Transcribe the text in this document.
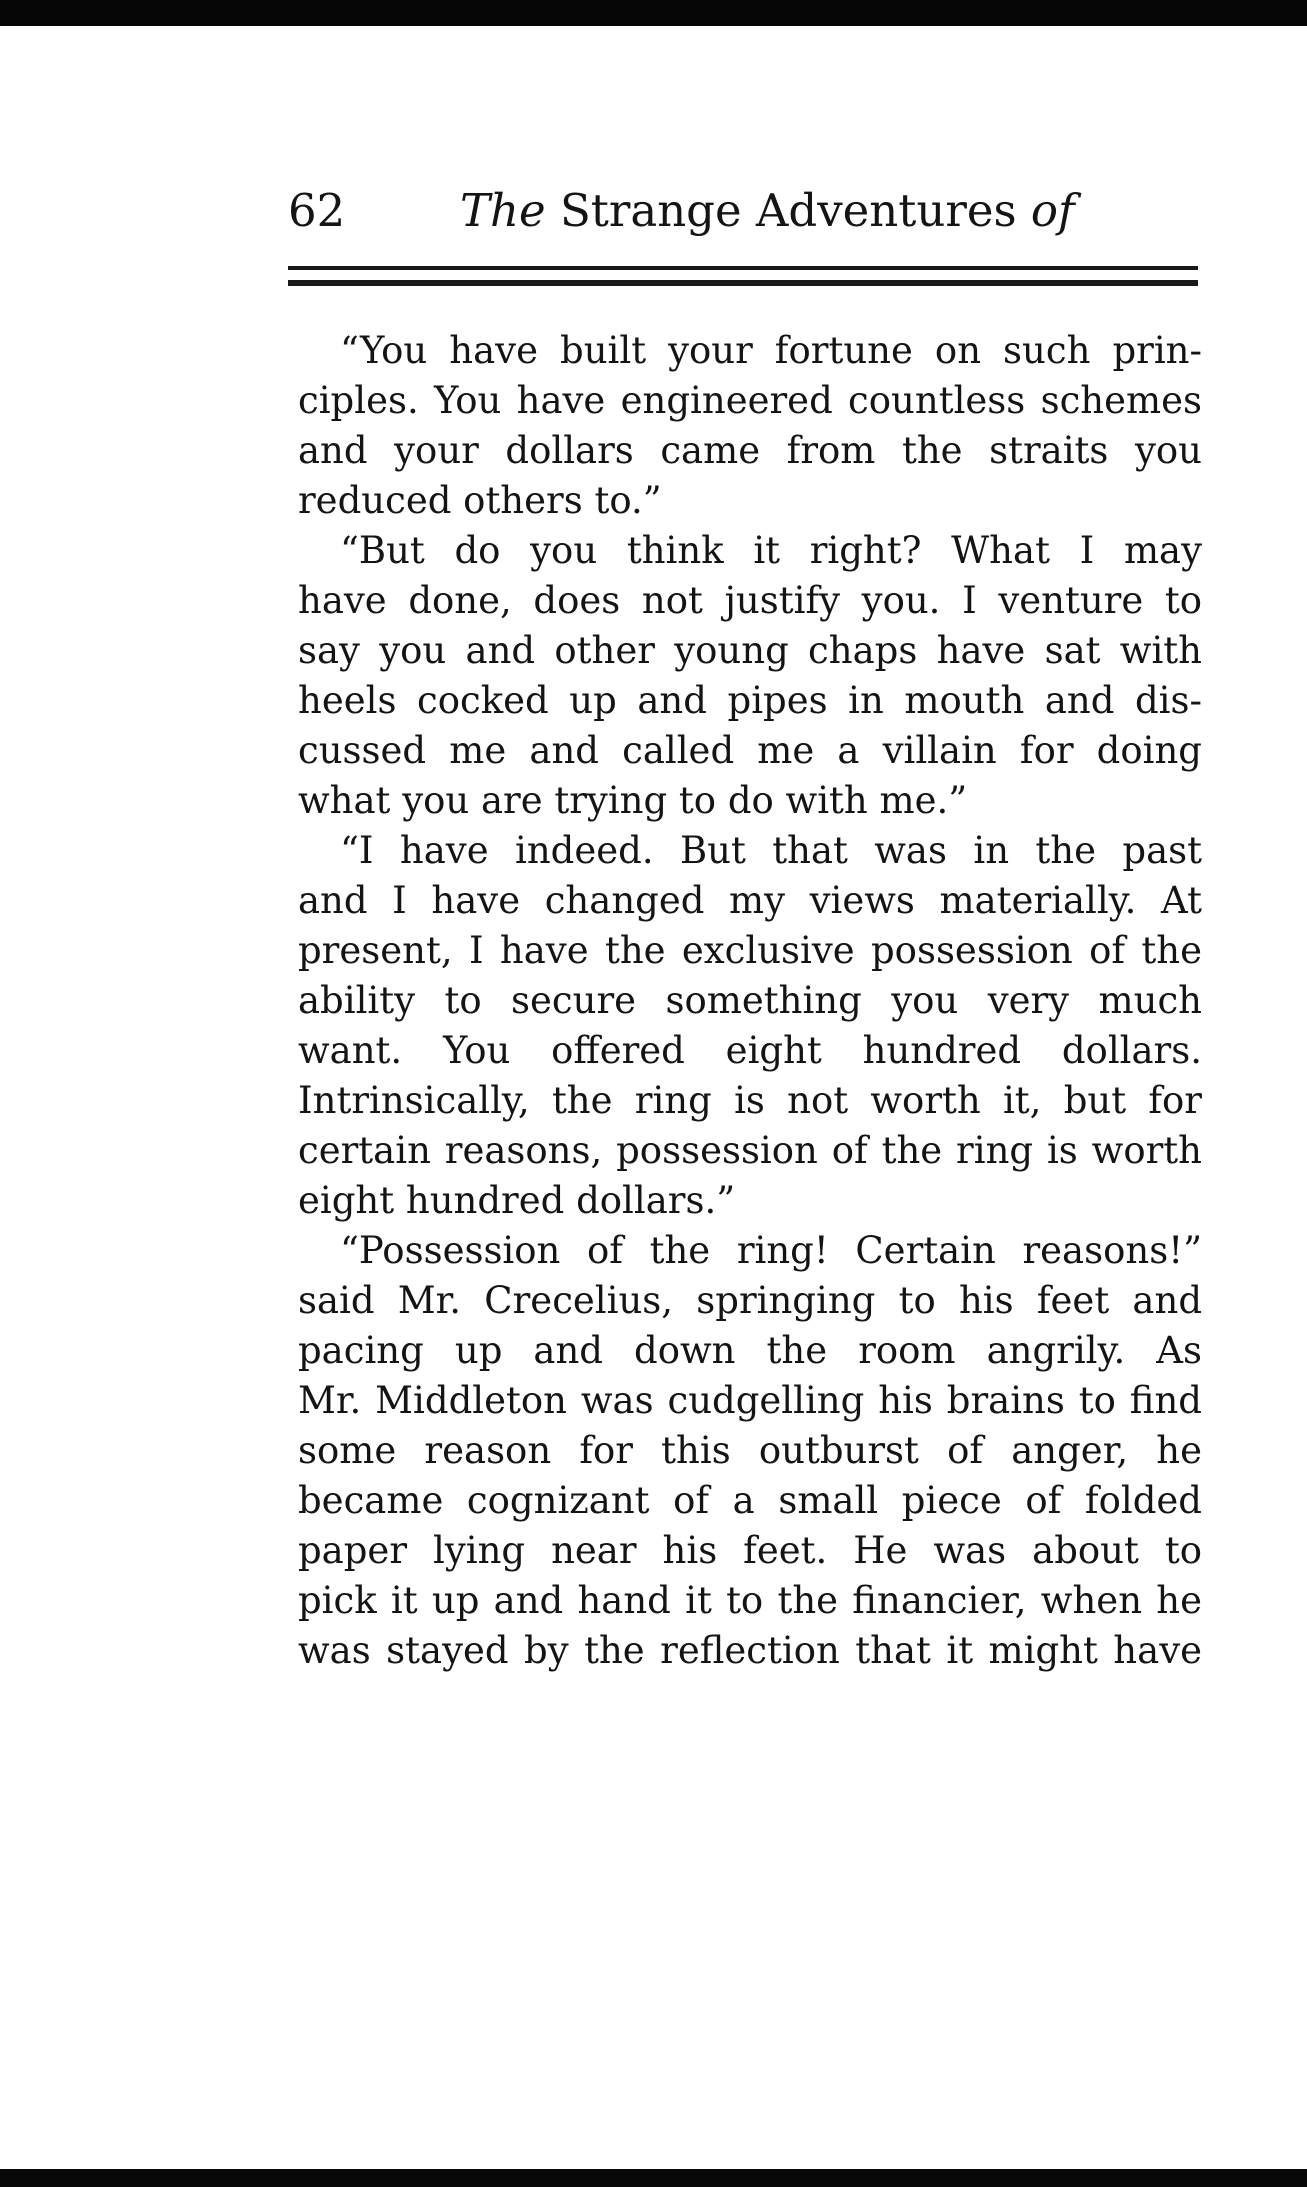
62	The Strange Adventures of
“You have built your fortune on such prin-
ciples. You have engineered countless schemes
and your dollars came from the straits you
reduced others to.”
“But do you think it right? What I may
have done, does not justify you. I venture to
say you and other young chaps have sat with
heels cocked up and pipes in mouth and dis-
cussed me and called me a villain for doing
what you are trying to do with me.”
“I have indeed. But that was in the past
and I have changed my views materially. At
present, I have the exclusive possession of the
ability to secure something you very much
want. You offered eight hundred dollars.
Intrinsically, the ring is not worth it, but for
certain reasons, possession of the ring is worth
eight hundred dollars.”
“Possession of the ring! Certain reasons!”
said Mr. Crecelius, springing to his feet and
pacing up and down the room angrily. As
Mr. Middleton was cudgelling his brains to find
some reason for this outburst of anger, he
became cognizant of a small piece of folded
paper lying near his feet. He was about to
pick it up and hand it to the financier, when he
was stayed by the reflection that it might have
